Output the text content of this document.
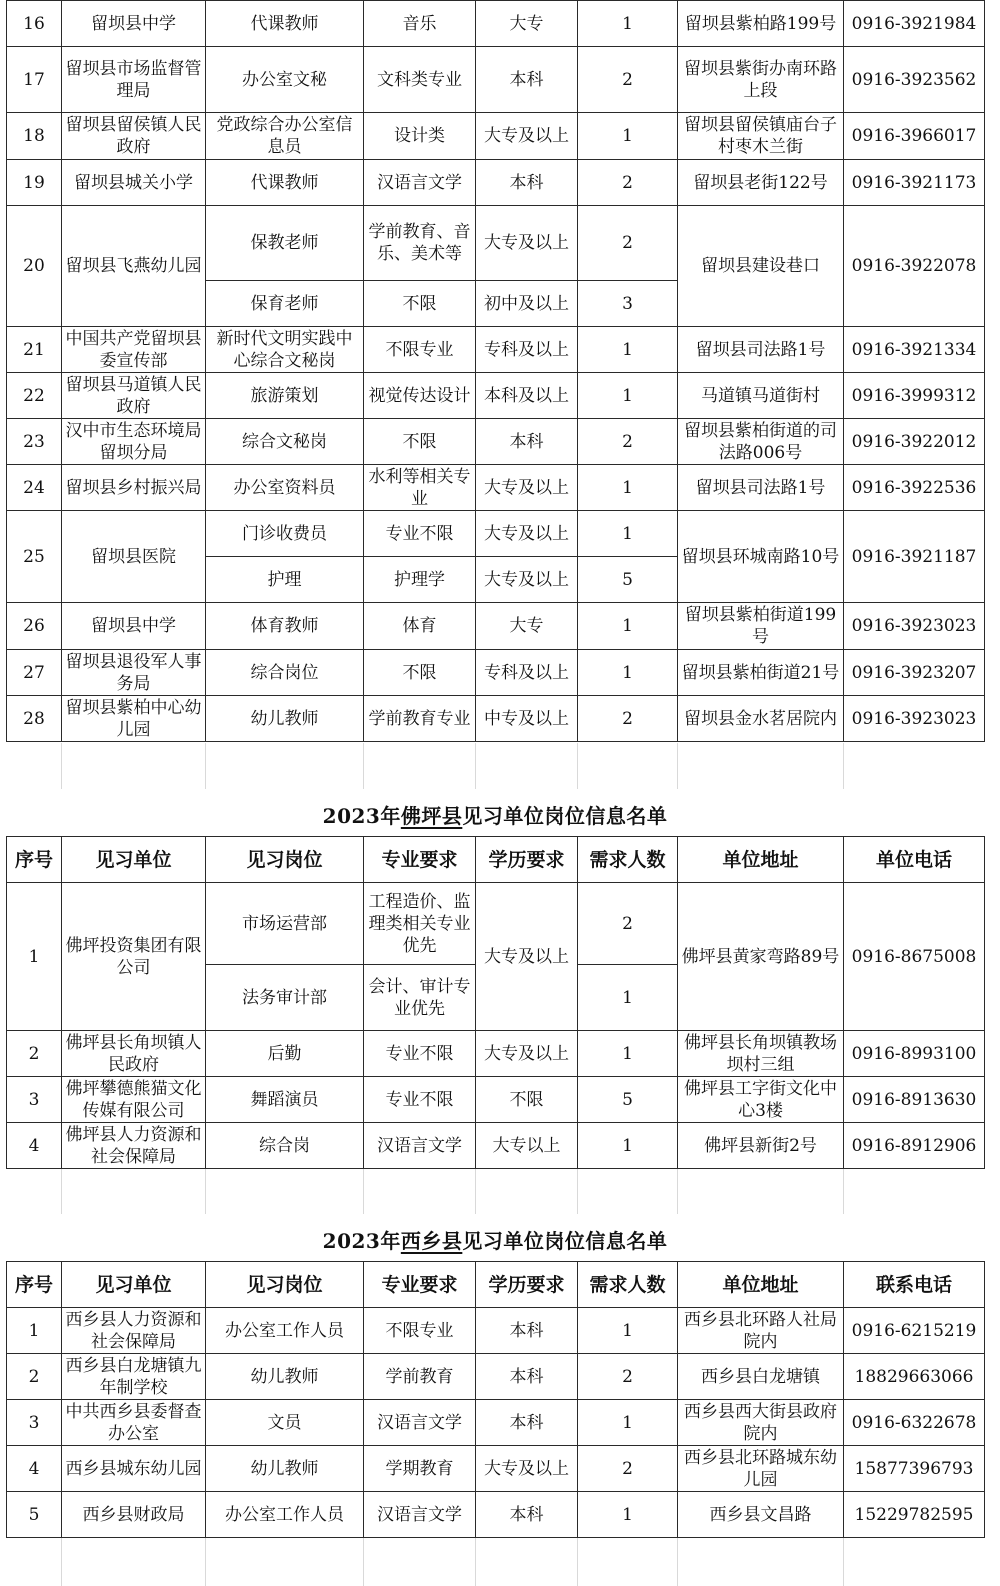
16	留坝县中学	代课教师	音乐	大专	1	留坝县紫柏路199号	0916-3921984
17	留坝县市场监督管理局	办公室文秘	文科类专业	本科	2	留坝县紫街办南环路上段	0916-3923562
18	留坝县留侯镇人民政府	党政综合办公室信息员	设计类	大专及以上	1	留坝县留侯镇庙台子村枣木兰街	0916-3966017
19	留坝县城关小学	代课教师	汉语言文学	本科	2	留坝县老街122号	0916-3921173
20	留坝县飞燕幼儿园	保教老师	学前教育、音乐、美术等	大专及以上	2	留坝县建设巷口	0916-3922078
		保育老师	不限	初中及以上	3		
21	中国共产党留坝县委宣传部	新时代文明实践中心综合文秘岗	不限专业	专科及以上	1	留坝县司法路1号	0916-3921334
22	留坝县马道镇人民政府	旅游策划	视觉传达设计	本科及以上	1	马道镇马道街村	0916-3999312
23	汉中市生态环境局留坝分局	综合文秘岗	不限	本科	2	留坝县紫柏街道的司法路006号	0916-3922012
24	留坝县乡村振兴局	办公室资料员	水利等相关专业	大专及以上	1	留坝县司法路1号	0916-3922536
25	留坝县医院	门诊收费员	专业不限	大专及以上	1	留坝县环城南路10号	0916-3921187
		护理	护理学	大专及以上	5		
26	留坝县中学	体育教师	体育	大专	1	留坝县紫柏街道199号	0916-3923023
27	留坝县退役军人事务局	综合岗位	不限	专科及以上	1	留坝县紫柏街道21号	0916-3923207
28	留坝县紫柏中心幼儿园	幼儿教师	学前教育专业	中专及以上	2	留坝县金水茗居院内	0916-3923023
2023年佛坪县见习单位岗位信息名单
序号	见习单位	见习岗位	专业要求	学历要求	需求人数	单位地址	单位电话
1	佛坪投资集团有限公司	市场运营部	工程造价、监理类相关专业优先	大专及以上	2	佛坪县黄家弯路89号	0916-8675008
		法务审计部	会计、审计专业优先		1		
2	佛坪县长角坝镇人民政府	后勤	专业不限	大专及以上	1	佛坪县长角坝镇教场坝村三组	0916-8993100
3	佛坪攀德熊猫文化传媒有限公司	舞蹈演员	专业不限	不限	5	佛坪县工字街文化中心3楼	0916-8913630
4	佛坪县人力资源和社会保障局	综合岗	汉语言文学	大专以上	1	佛坪县新街2号	0916-8912906
2023年西乡县见习单位岗位信息名单
序号	见习单位	见习岗位	专业要求	学历要求	需求人数	单位地址	联系电话
1	西乡县人力资源和社会保障局	办公室工作人员	不限专业	本科	1	西乡县北环路人社局院内	0916-6215219
2	西乡县白龙塘镇九年制学校	幼儿教师	学前教育	本科	2	西乡县白龙塘镇	18829663066
3	中共西乡县委督查办公室	文员	汉语言文学	本科	1	西乡县西大街县政府院内	0916-6322678
4	西乡县城东幼儿园	幼儿教师	学期教育	大专及以上	2	西乡县北环路城东幼儿园	15877396793
5	西乡县财政局	办公室工作人员	汉语言文学	本科	1	西乡县文昌路	15229782595
